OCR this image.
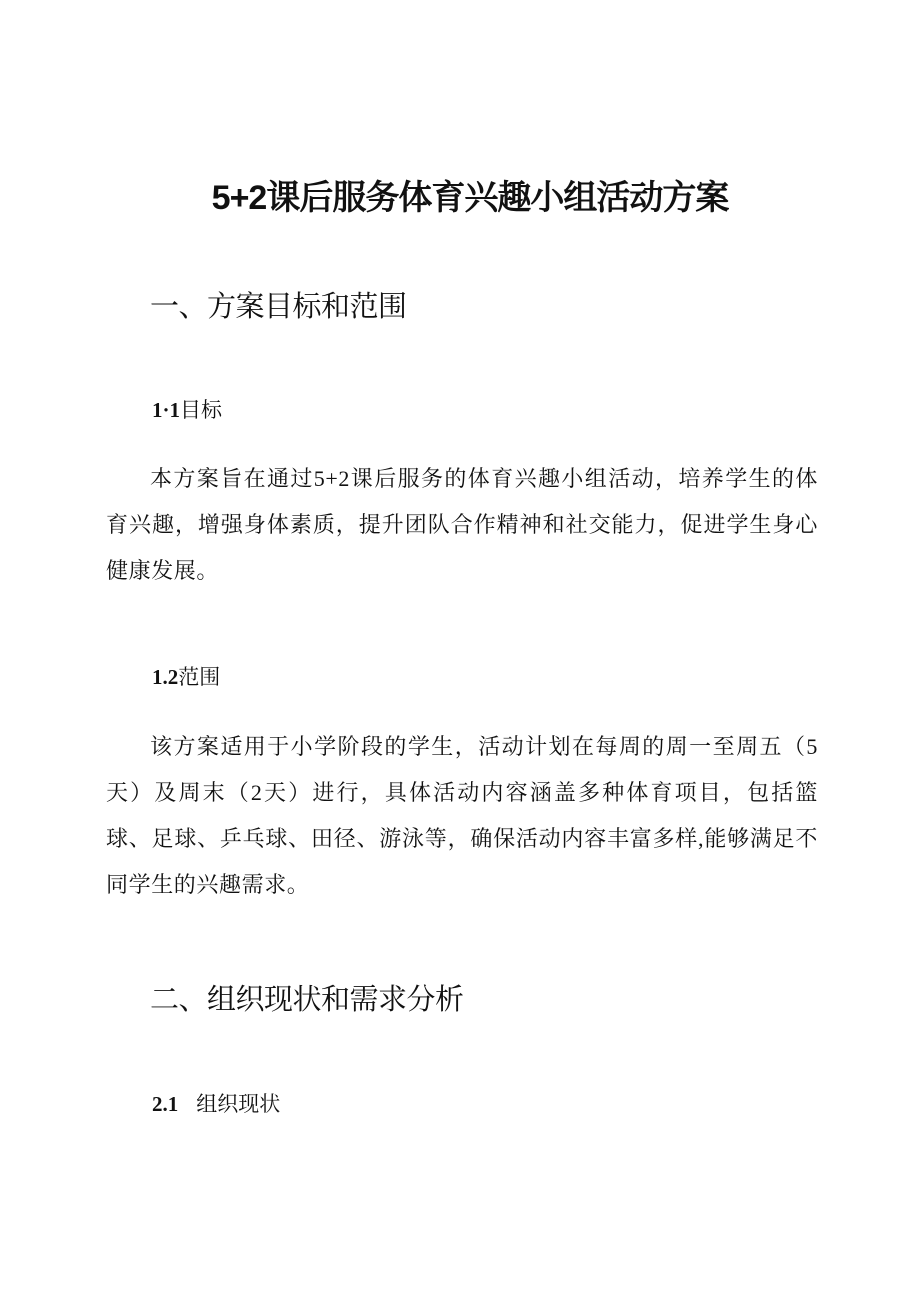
5+2课后服务体育兴趣小组活动方案
一、方案目标和范围
1·1目标

本方案旨在通过5+2课后服务的体育兴趣小组活动，培养学生的体育兴趣，增强身体素质，提升团队合作精神和社交能力，促进学生身心健康发展。

1.2范围

该方案适用于小学阶段的学生，活动计划在每周的周一至周五（5天）及周末（2天）进行，具体活动内容涵盖多种体育项目，包括篮球、足球、乒乓球、田径、游泳等，确保活动内容丰富多样,能够满足不同学生的兴趣需求。

二、组织现状和需求分析
2.1 组织现状
